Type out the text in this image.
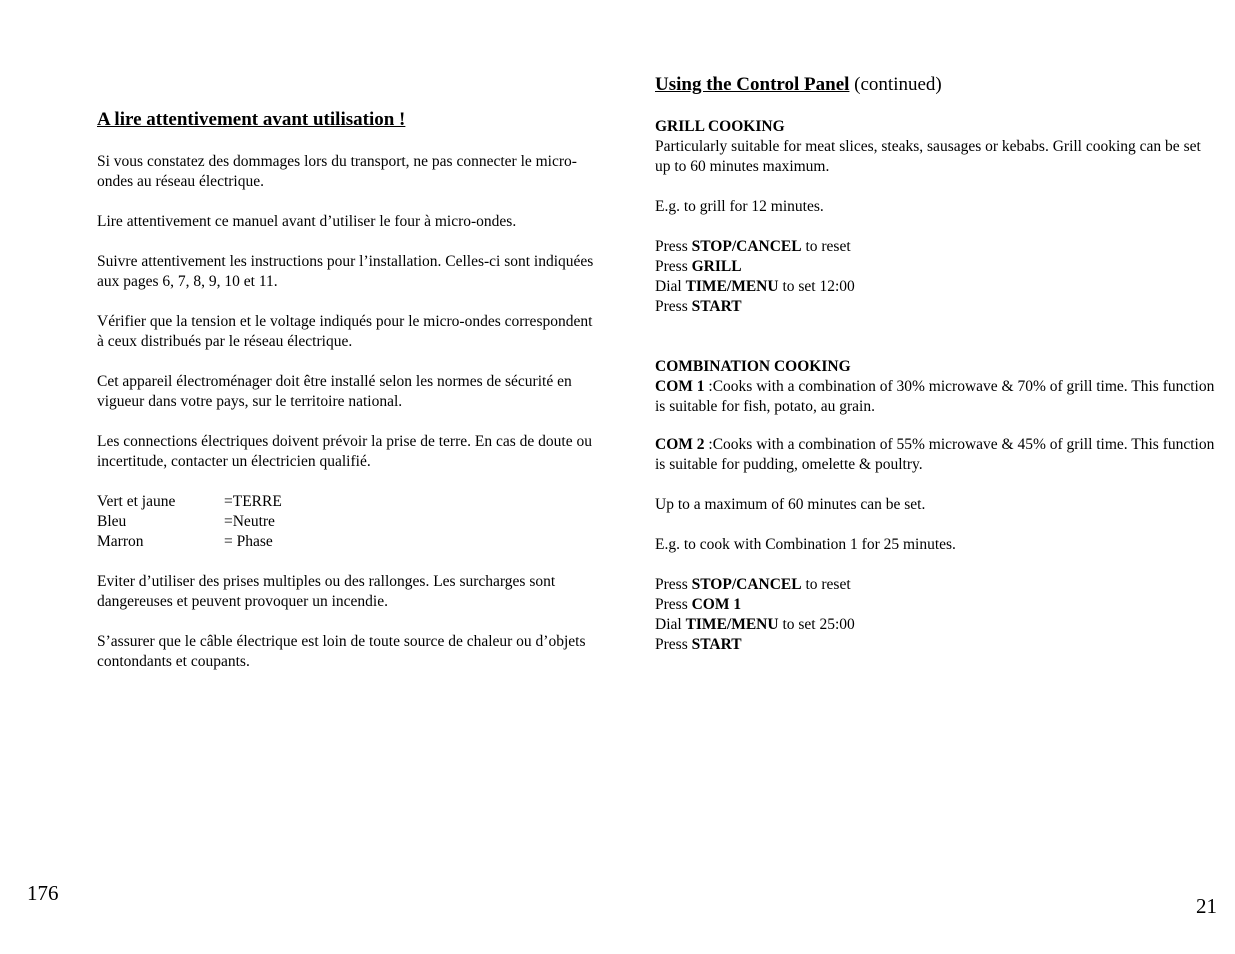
A lire attentivement avant utilisation !

Si vous constatez des dommages lors du transport, ne pas connecter le micro-ondes au réseau électrique.

Lire attentivement ce manuel avant d’utiliser le four à micro-ondes.

Suivre attentivement les instructions pour l’installation. Celles-ci sont indiquées aux pages 6, 7, 8, 9, 10 et 11.

Vérifier que la tension et le voltage indiqués pour le micro-ondes correspondent à ceux distribués par le réseau électrique.

Cet appareil électroménager doit être installé selon les normes de sécurité en vigueur dans votre pays, sur le territoire national.

Les connections électriques doivent prévoir la prise de terre. En cas de doute ou incertitude, contacter un électricien qualifié.

Vert et jaune	=TERRE
Bleu	=Neutre
Marron	= Phase

Eviter d’utiliser des prises multiples ou des rallonges. Les surcharges sont dangereuses et peuvent provoquer un incendie.

S’assurer que le câble électrique est loin de toute source de chaleur ou d’objets contondants et coupants.

Using the Control Panel (continued)
GRILL COOKING

Particularly suitable for meat slices, steaks, sausages or kebabs. Grill cooking can be set up to 60 minutes maximum.

E.g. to grill for 12 minutes.

Press STOP/CANCEL to reset
Press GRILL
Dial TIME/MENU to set 12:00
Press START
COMBINATION COOKING

COM 1 :Cooks with a combination of 30% microwave & 70% of grill time. This function is suitable for fish, potato, au grain.

COM 2 :Cooks with a combination of 55% microwave & 45% of grill time. This function is suitable for pudding, omelette & poultry.

Up to a maximum of 60 minutes can be set.

E.g. to cook with Combination 1 for 25 minutes.

Press STOP/CANCEL to reset
Press COM 1
Dial TIME/MENU to set 25:00
Press START
176
21
